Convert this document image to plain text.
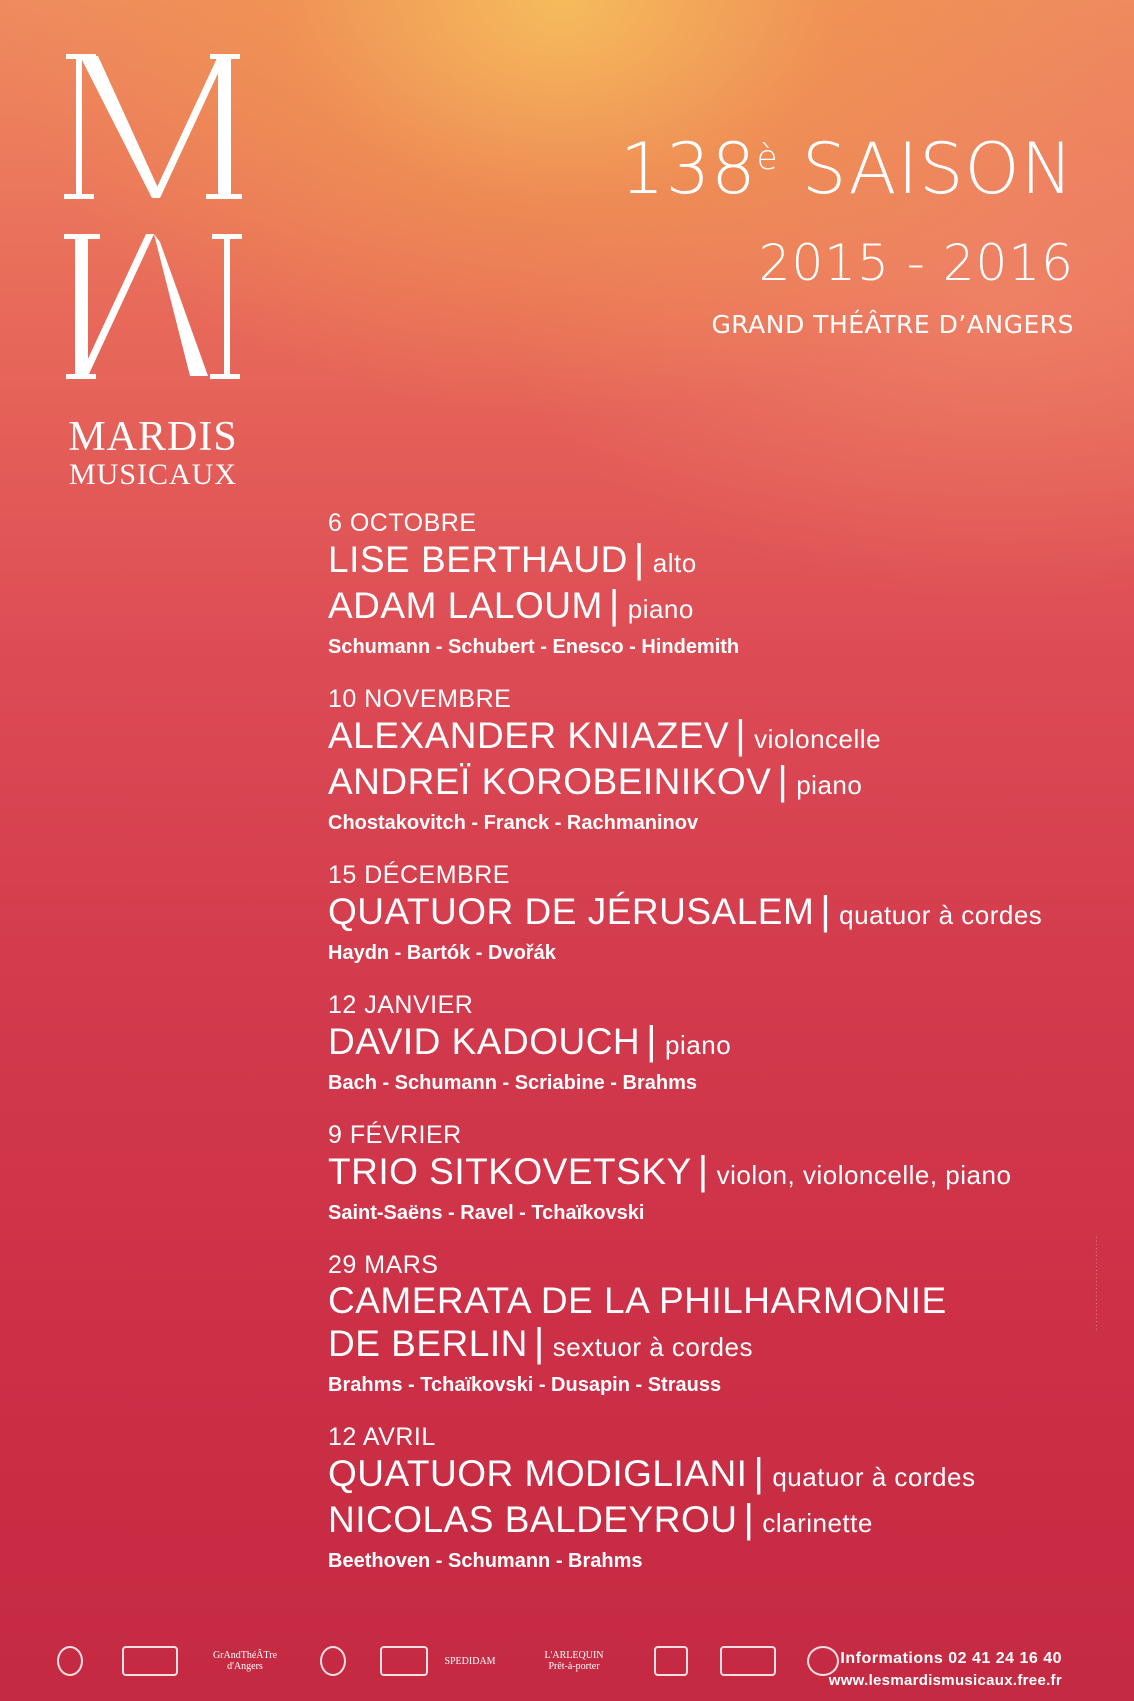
MARDIS
MUSICAUX
$138^è$ SAISON
2015 - 2016
GRAND THÉÂTRE D’ANGERS
6 OCTOBRE
LISE BERTHAUD | alto
ADAM LALOUM | piano
Schumann - Schubert - Enesco - Hindemith
10 NOVEMBRE
ALEXANDER KNIAZEV | violoncelle
ANDREÏ KOROBEINIKOV | piano
Chostakovitch - Franck - Rachmaninov
15 DÉCEMBRE
QUATUOR DE JÉRUSALEM | quatuor à cordes
Haydn - Bartók - Dvořák
12 JANVIER
DAVID KADOUCH | piano
Bach - Schumann - Scriabine - Brahms
9 FÉVRIER
TRIO SITKOVETSKY | violon, violoncelle, piano
Saint-Saëns - Ravel - Tchaïkovski
29 MARS
CAMERATA DE LA PHILHARMONIE
DE BERLIN | sextuor à cordes
Brahms - Tchaïkovski - Dusapin - Strauss
12 AVRIL
QUATUOR MODIGLIANI | quatuor à cordes
NICOLAS BALDEYROU | clarinette
Beethoven - Schumann - Brahms
· · · · · · · · · · · · · · · · · · · · · · · · · ·
GrAndThéÂTre
d'Angers	SPEDIDAM	L'ARLEQUIN
Prêt-à-porter	Informations 02 41 24 16 40
www.lesmardismusicaux.free.fr
